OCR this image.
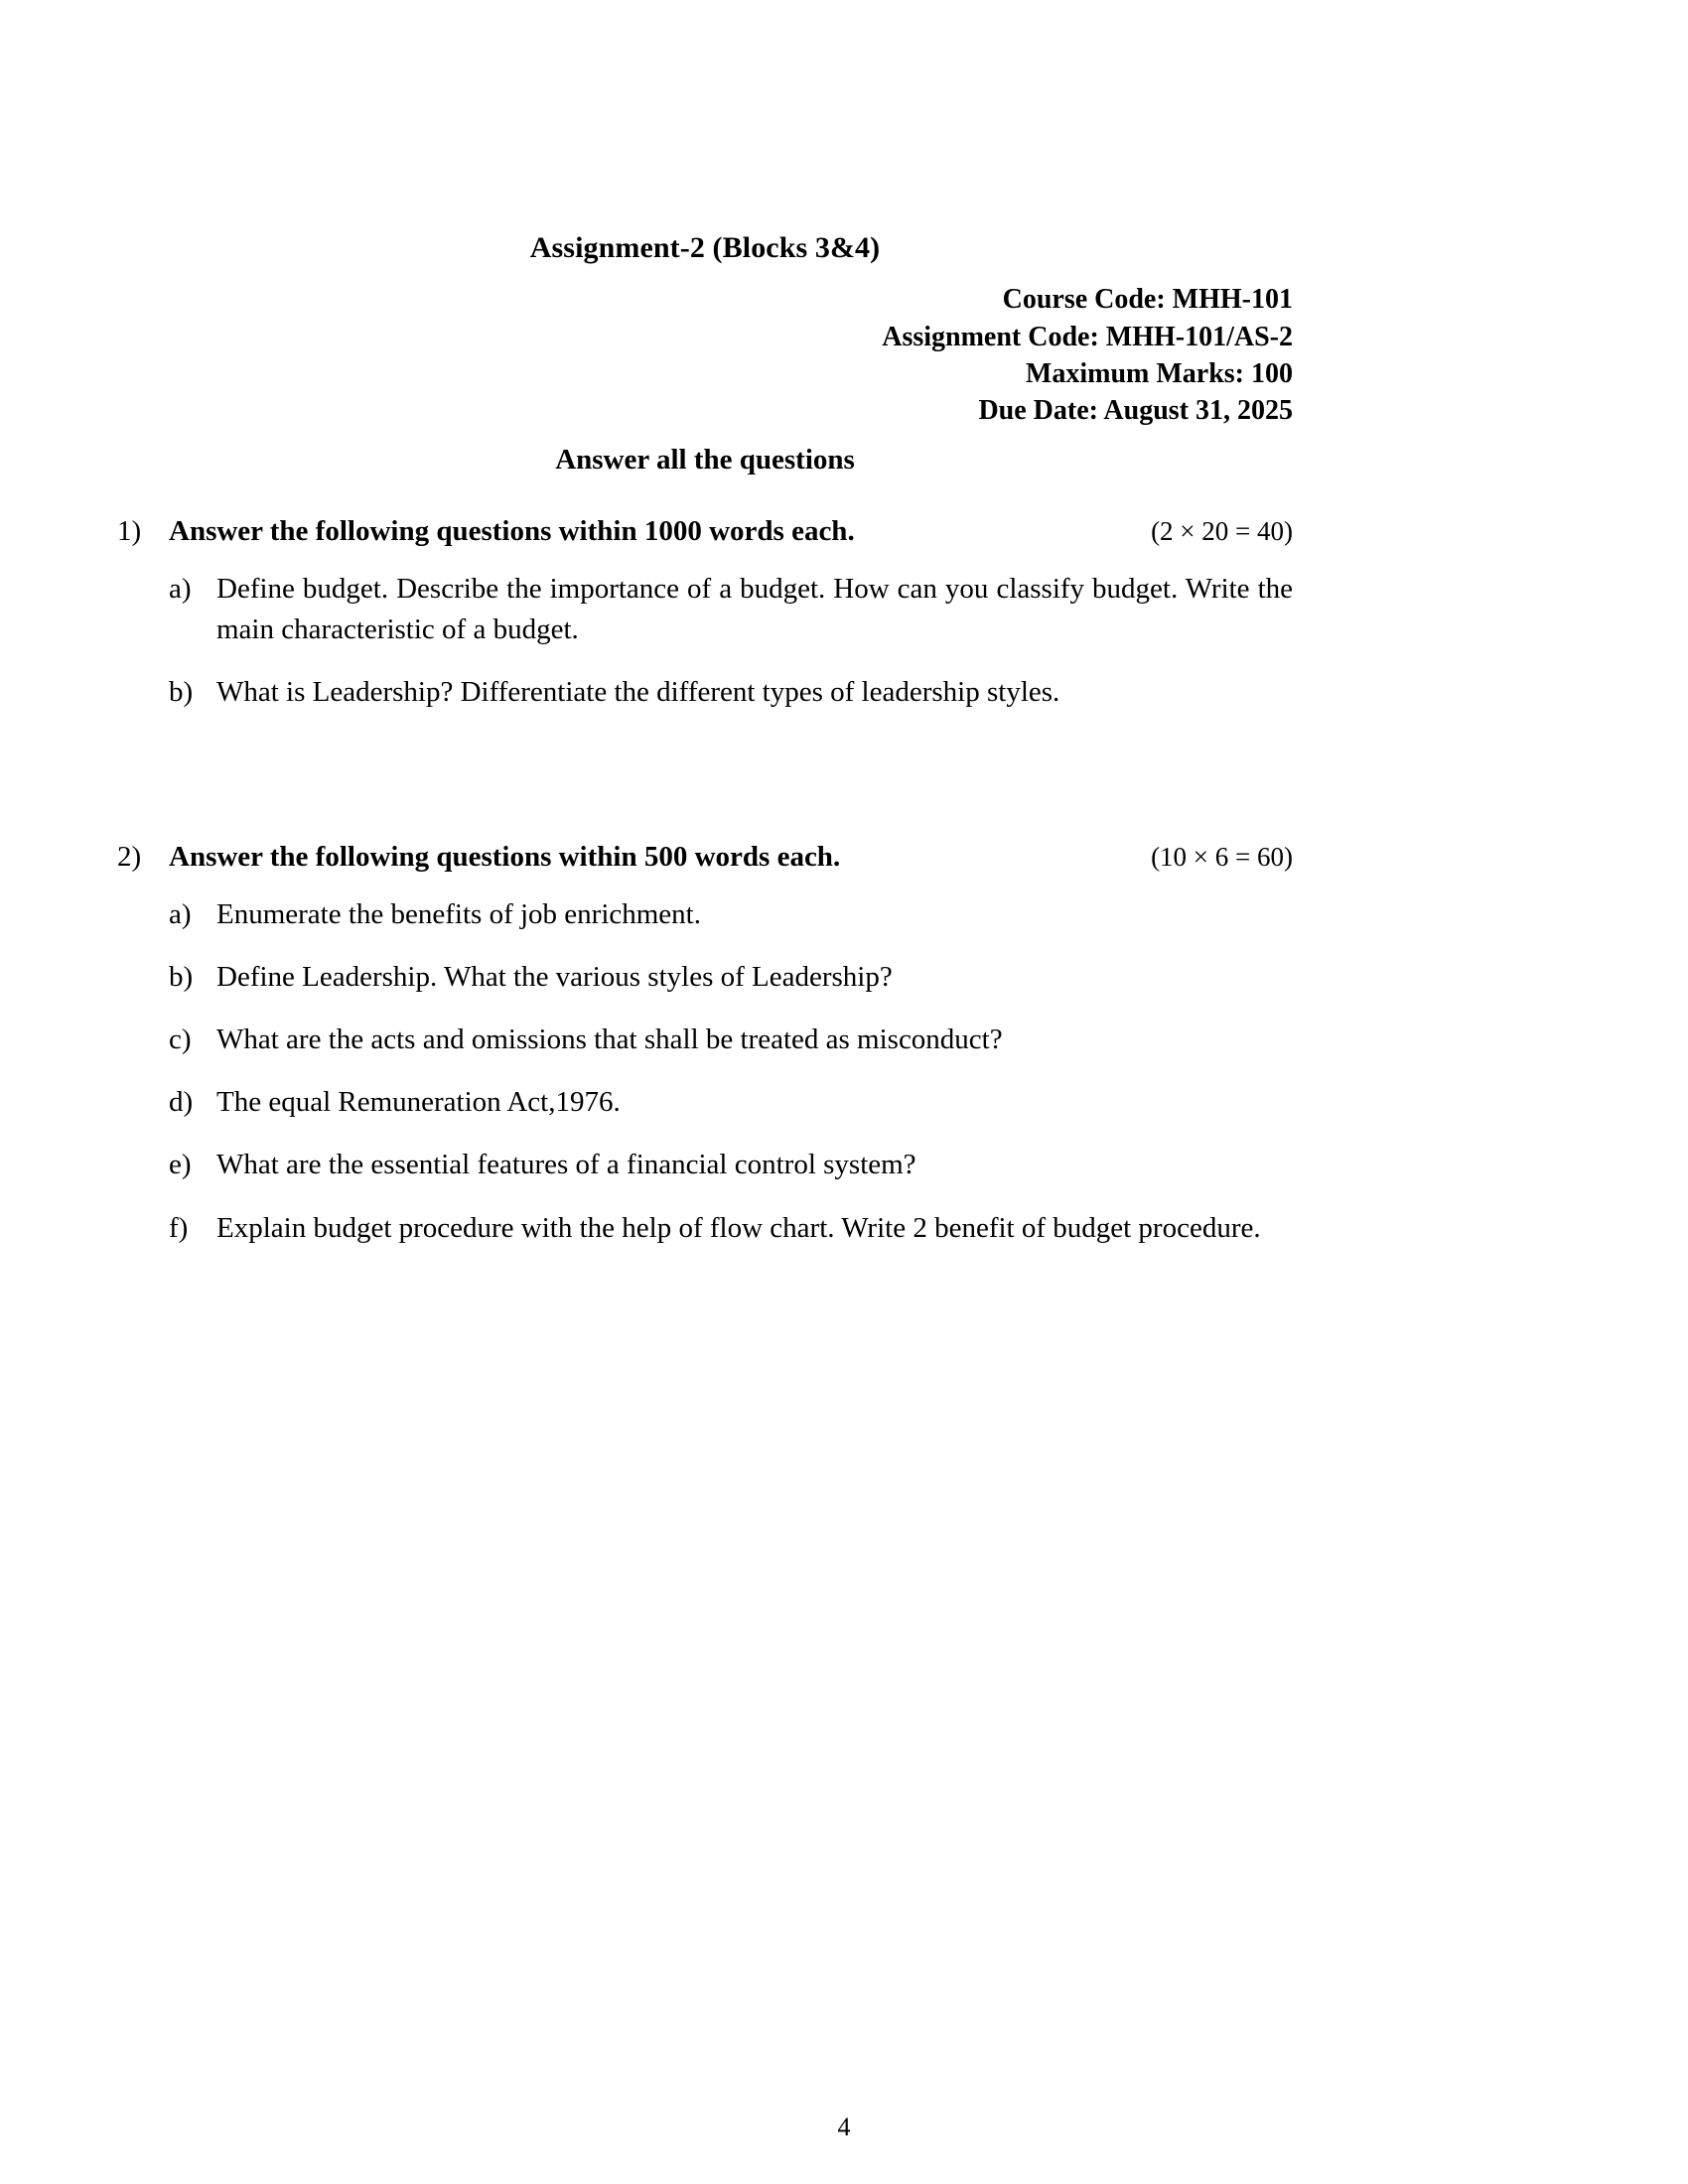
Assignment-2 (Blocks 3&4)
Course Code: MHH-101
Assignment Code: MHH-101/AS-2
Maximum Marks: 100
Due Date: August 31, 2025
Answer all the questions
1) Answer the following questions within 1000 words each.	(2 × 20 = 40)
a) Define budget. Describe the importance of a budget. How can you classify budget. Write the main characteristic of a budget.
b) What is Leadership? Differentiate the different types of leadership styles.
2) Answer the following questions within 500 words each.	(10 × 6 = 60)
a) Enumerate the benefits of job enrichment.
b) Define Leadership. What the various styles of Leadership?
c) What are the acts and omissions that shall be treated as misconduct?
d) The equal Remuneration Act,1976.
e) What are the essential features of a financial control system?
f) Explain budget procedure with the help of flow chart. Write 2 benefit of budget procedure.
4
